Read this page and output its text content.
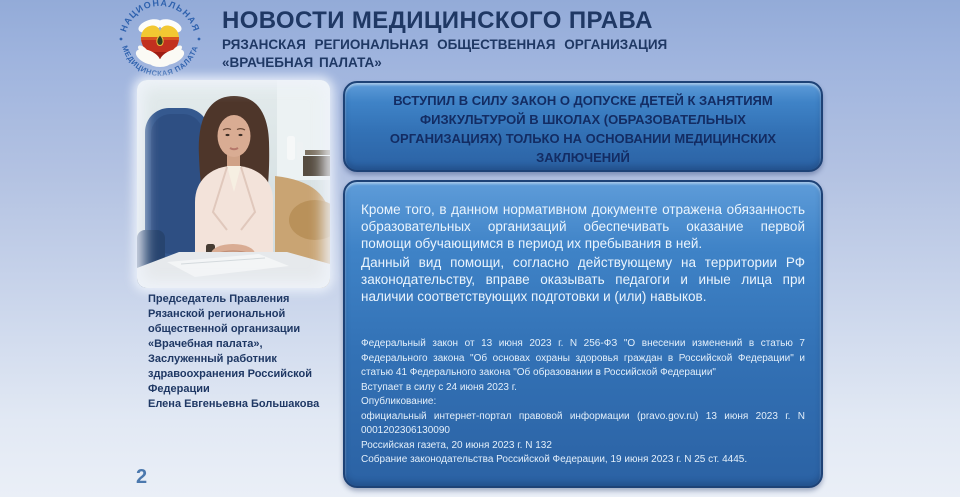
НАЦИОНАЛЬНАЯ
МЕДИЦИНСКАЯ ПАЛАТА
НОВОСТИ МЕДИЦИНСКОГО ПРАВА
РЯЗАНСКАЯ РЕГИОНАЛЬНАЯ ОБЩЕСТВЕННАЯ ОРГАНИЗАЦИЯ
«ВРАЧЕБНАЯ ПАЛАТА»
Председатель Правления
Рязанской региональной
общественной организации
«Врачебная палата»,
Заслуженный работник
здравоохранения Российской
Федерации
Елена Евгеньевна Большакова
ВСТУПИЛ В СИЛУ ЗАКОН О ДОПУСКЕ ДЕТЕЙ К ЗАНЯТИЯМ
ФИЗКУЛЬТУРОЙ В ШКОЛАХ (ОБРАЗОВАТЕЛЬНЫХ
ОРГАНИЗАЦИЯХ) ТОЛЬКО НА ОСНОВАНИИ МЕДИЦИНСКИХ
ЗАКЛЮЧЕНИЙ

Кроме того, в данном нормативном документе отражена обязанность образовательных организаций обеспечивать оказание первой помощи обучающимся в период их пребывания в ней.

Данный вид помощи, согласно действующему на территории РФ законодательству, вправе оказывать педагоги и иные лица при наличии соответствующих подготовки и (или) навыков.

Федеральный закон от 13 июня 2023 г. N 256-ФЗ "О внесении изменений в статью 7 Федерального закона "Об основах охраны здоровья граждан в Российской Федерации" и статью 41 Федерального закона "Об образовании в Российской Федерации"
Вступает в силу с 24 июня 2023 г.
Опубликование:
официальный интернет-портал правовой информации (pravo.gov.ru) 13 июня 2023 г. N 0001202306130090
Российская газета, 20 июня 2023 г. N 132
Собрание законодательства Российской Федерации, 19 июня 2023 г. N 25 ст. 4445.
2
